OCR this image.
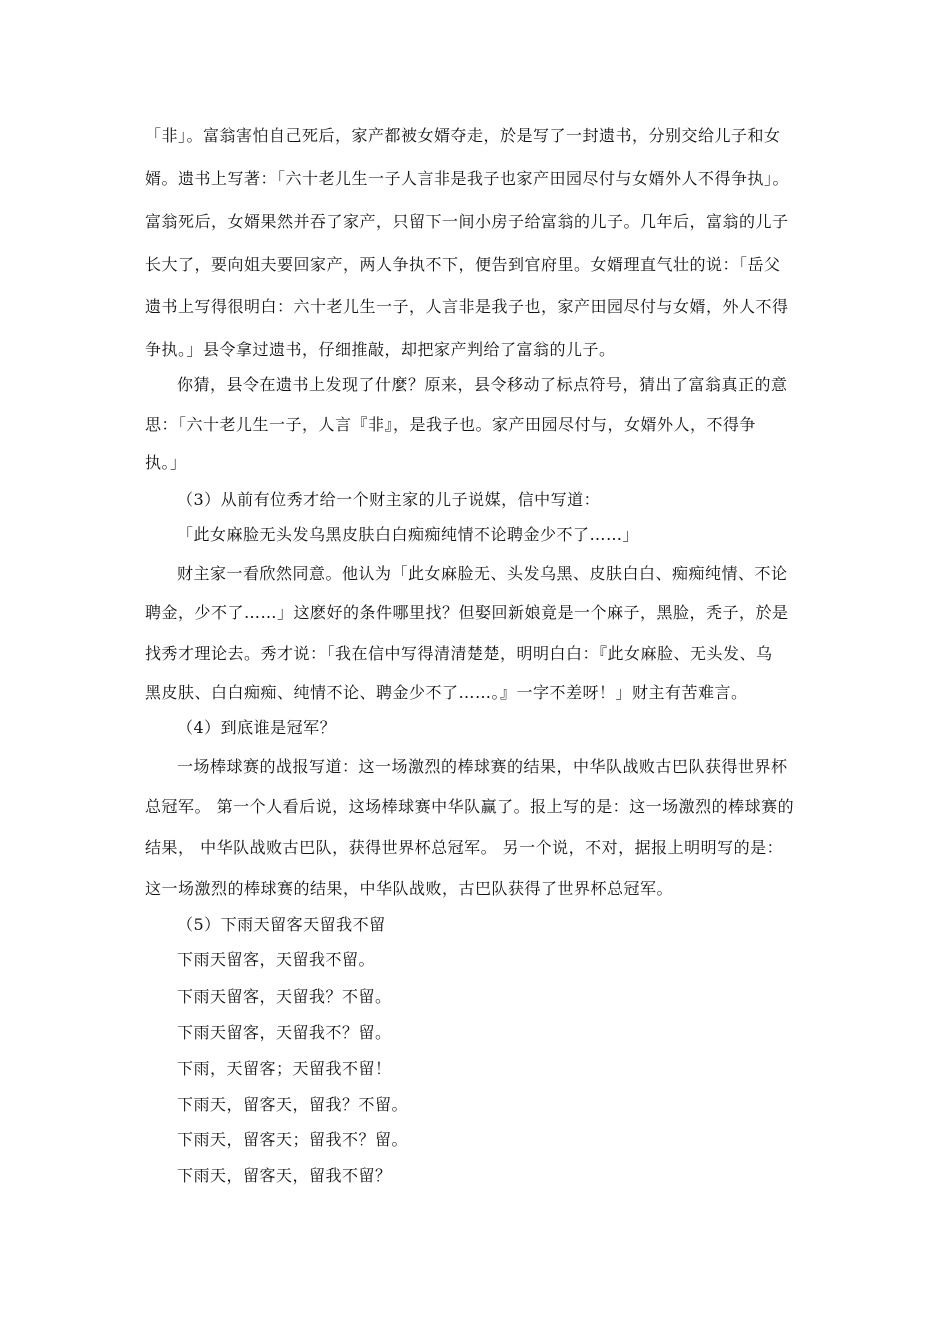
「非」。富翁害怕自己死后，家产都被女婿夺走，於是写了一封遗书，分别交给儿子和女
婿。遗书上写著：「六十老儿生一子人言非是我子也家产田园尽付与女婿外人不得争执」。
富翁死后，女婿果然并吞了家产，只留下一间小房子给富翁的儿子。几年后，富翁的儿子
长大了，要向姐夫要回家产，两人争执不下，便告到官府里。女婿理直气壮的说：「岳父
遗书上写得很明白：六十老儿生一子，人言非是我子也，家产田园尽付与女婿，外人不得
争执。」县令拿过遗书，仔细推敲，却把家产判给了富翁的儿子。
你猜，县令在遗书上发现了什麼？原来，县令移动了标点符号，猜出了富翁真正的意
思：「六十老儿生一子，人言『非』，是我子也。家产田园尽付与，女婿外人，不得争
执。」
（3）从前有位秀才给一个财主家的儿子说媒，信中写道：
「此女麻脸无头发乌黑皮肤白白痴痴纯情不论聘金少不了……」
财主家一看欣然同意。他认为「此女麻脸无、头发乌黑、皮肤白白、痴痴纯情、不论
聘金，少不了……」这麽好的条件哪里找？但娶回新娘竟是一个麻子，黑脸，秃子，於是
找秀才理论去。秀才说：「我在信中写得清清楚楚，明明白白：『此女麻脸、无头发、乌
黑皮肤、白白痴痴、纯情不论、聘金少不了……。』一字不差呀！」财主有苦难言。
（4）到底谁是冠军？
一场棒球赛的战报写道：这一场激烈的棒球赛的结果，中华队战败古巴队获得世界杯
总冠军。 第一个人看后说，这场棒球赛中华队赢了。报上写的是：这一场激烈的棒球赛的
结果， 中华队战败古巴队，获得世界杯总冠军。 另一个说，不对，据报上明明写的是：
这一场激烈的棒球赛的结果，中华队战败，古巴队获得了世界杯总冠军。
（5）下雨天留客天留我不留
下雨天留客，天留我不留。
下雨天留客，天留我？不留。
下雨天留客，天留我不？留。
下雨，天留客；天留我不留！
下雨天，留客天，留我？不留。
下雨天，留客天；留我不？留。
下雨天，留客天，留我不留？
